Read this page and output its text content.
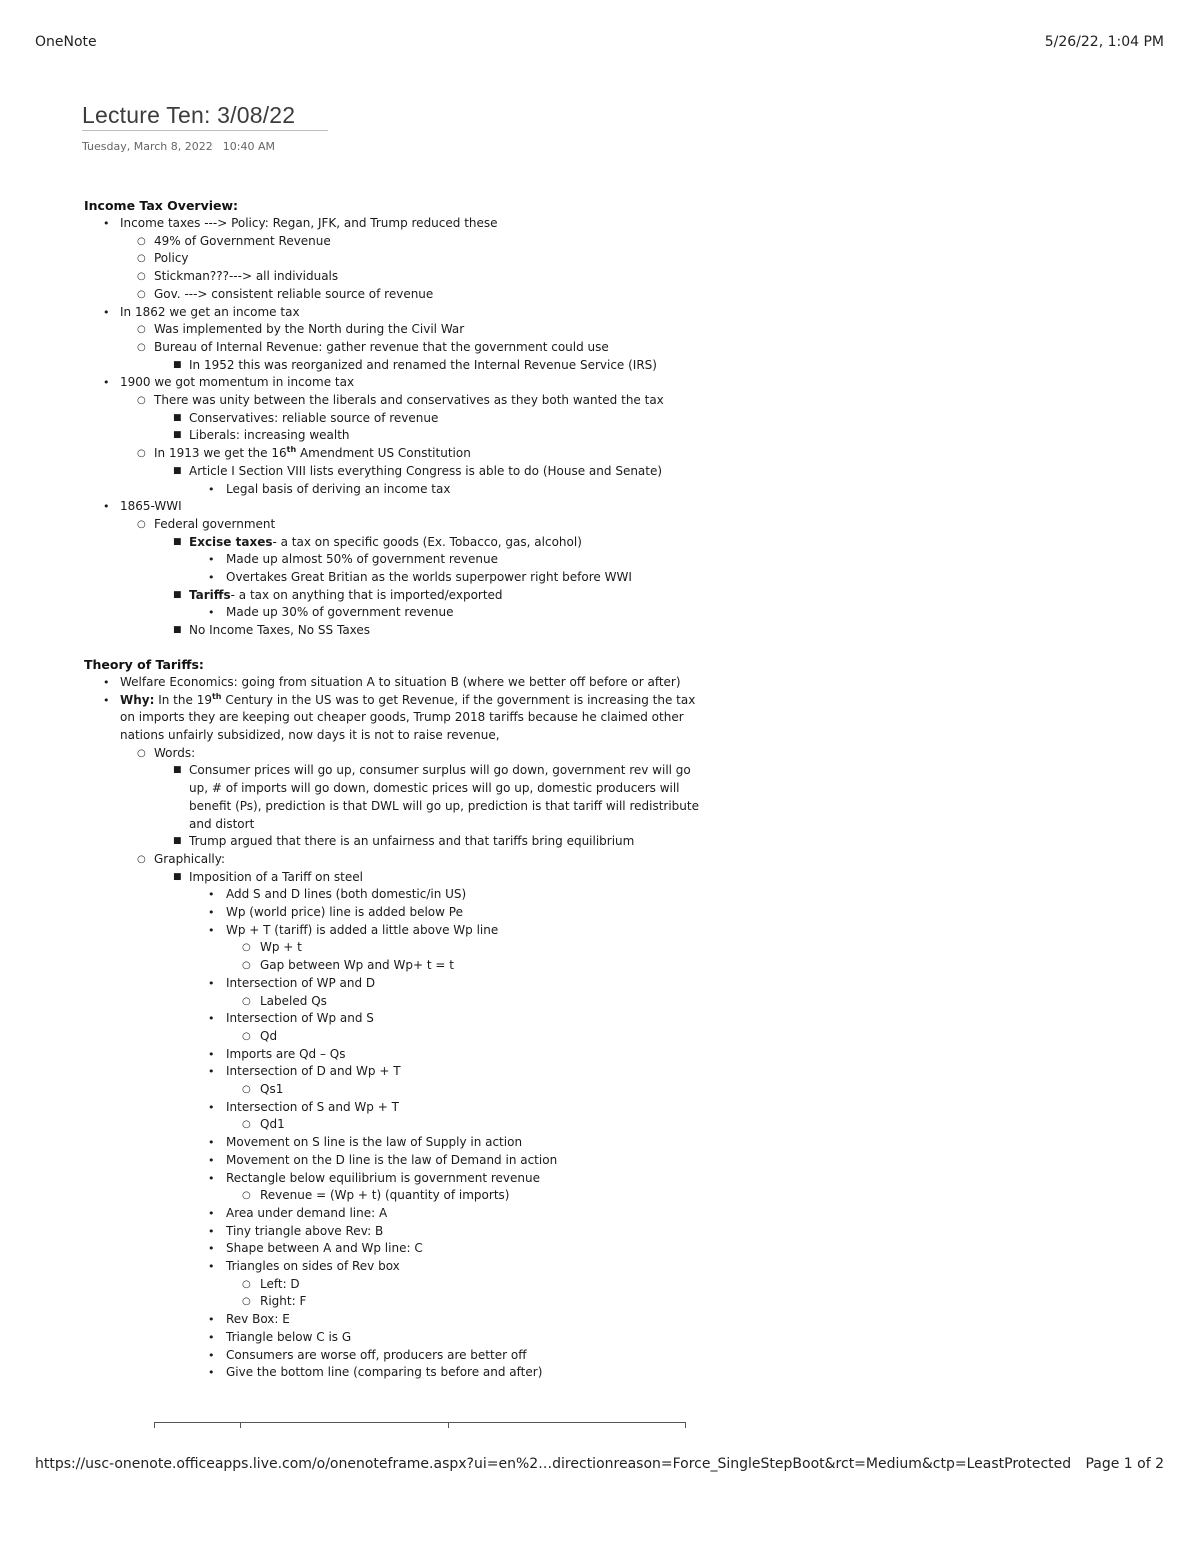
OneNote	5/26/22, 1:04 PM
Lecture Ten: 3/08/22
Tuesday, March 8, 2022 10:40 AM
Income Tax Overview:
• Income taxes ---> Policy: Regan, JFK, and Trump reduced these
○ 49% of Government Revenue
○ Policy
○ Stickman???---> all individuals
○ Gov. ---> consistent reliable source of revenue
• In 1862 we get an income tax
○ Was implemented by the North during the Civil War
○ Bureau of Internal Revenue: gather revenue that the government could use
■ In 1952 this was reorganized and renamed the Internal Revenue Service (IRS)
• 1900 we got momentum in income tax
○ There was unity between the liberals and conservatives as they both wanted the tax
■ Conservatives: reliable source of revenue
■ Liberals: increasing wealth
○ In 1913 we get the 16th Amendment US Constitution
■ Article I Section VIII lists everything Congress is able to do (House and Senate)
• Legal basis of deriving an income tax
• 1865-WWI
○ Federal government
■ Excise taxes- a tax on specific goods (Ex. Tobacco, gas, alcohol)
• Made up almost 50% of government revenue
• Overtakes Great Britian as the worlds superpower right before WWI
■ Tariffs- a tax on anything that is imported/exported
• Made up 30% of government revenue
■ No Income Taxes, No SS Taxes
Theory of Tariffs:
• Welfare Economics: going from situation A to situation B (where we better off before or after)
• Why: In the 19th Century in the US was to get Revenue, if the government is increasing the tax on imports they are keeping out cheaper goods, Trump 2018 tariffs because he claimed other nations unfairly subsidized, now days it is not to raise revenue,
○ Words:
■ Consumer prices will go up, consumer surplus will go down, government rev will go up, # of imports will go down, domestic prices will go up, domestic producers will benefit (Ps), prediction is that DWL will go up, prediction is that tariff will redistribute and distort
■ Trump argued that there is an unfairness and that tariffs bring equilibrium
○ Graphically:
■ Imposition of a Tariff on steel
• Add S and D lines (both domestic/in US)
• Wp (world price) line is added below Pe
• Wp + T (tariff) is added a little above Wp line
○ Wp + t
○ Gap between Wp and Wp+ t = t
• Intersection of WP and D
○ Labeled Qs
• Intersection of Wp and S
○ Qd
• Imports are Qd – Qs
• Intersection of D and Wp + T
○ Qs1
• Intersection of S and Wp + T
○ Qd1
• Movement on S line is the law of Supply in action
• Movement on the D line is the law of Demand in action
• Rectangle below equilibrium is government revenue
○ Revenue = (Wp + t) (quantity of imports)
• Area under demand line: A
• Tiny triangle above Rev: B
• Shape between A and Wp line: C
• Triangles on sides of Rev box
○ Left: D
○ Right: F
• Rev Box: E
• Triangle below C is G
• Consumers are worse off, producers are better off
• Give the bottom line (comparing ts before and after)
https://usc-onenote.officeapps.live.com/o/onenoteframe.aspx?ui=en%2…directionreason=Force_SingleStepBoot&rct=Medium&ctp=LeastProtected Page 1 of 2
